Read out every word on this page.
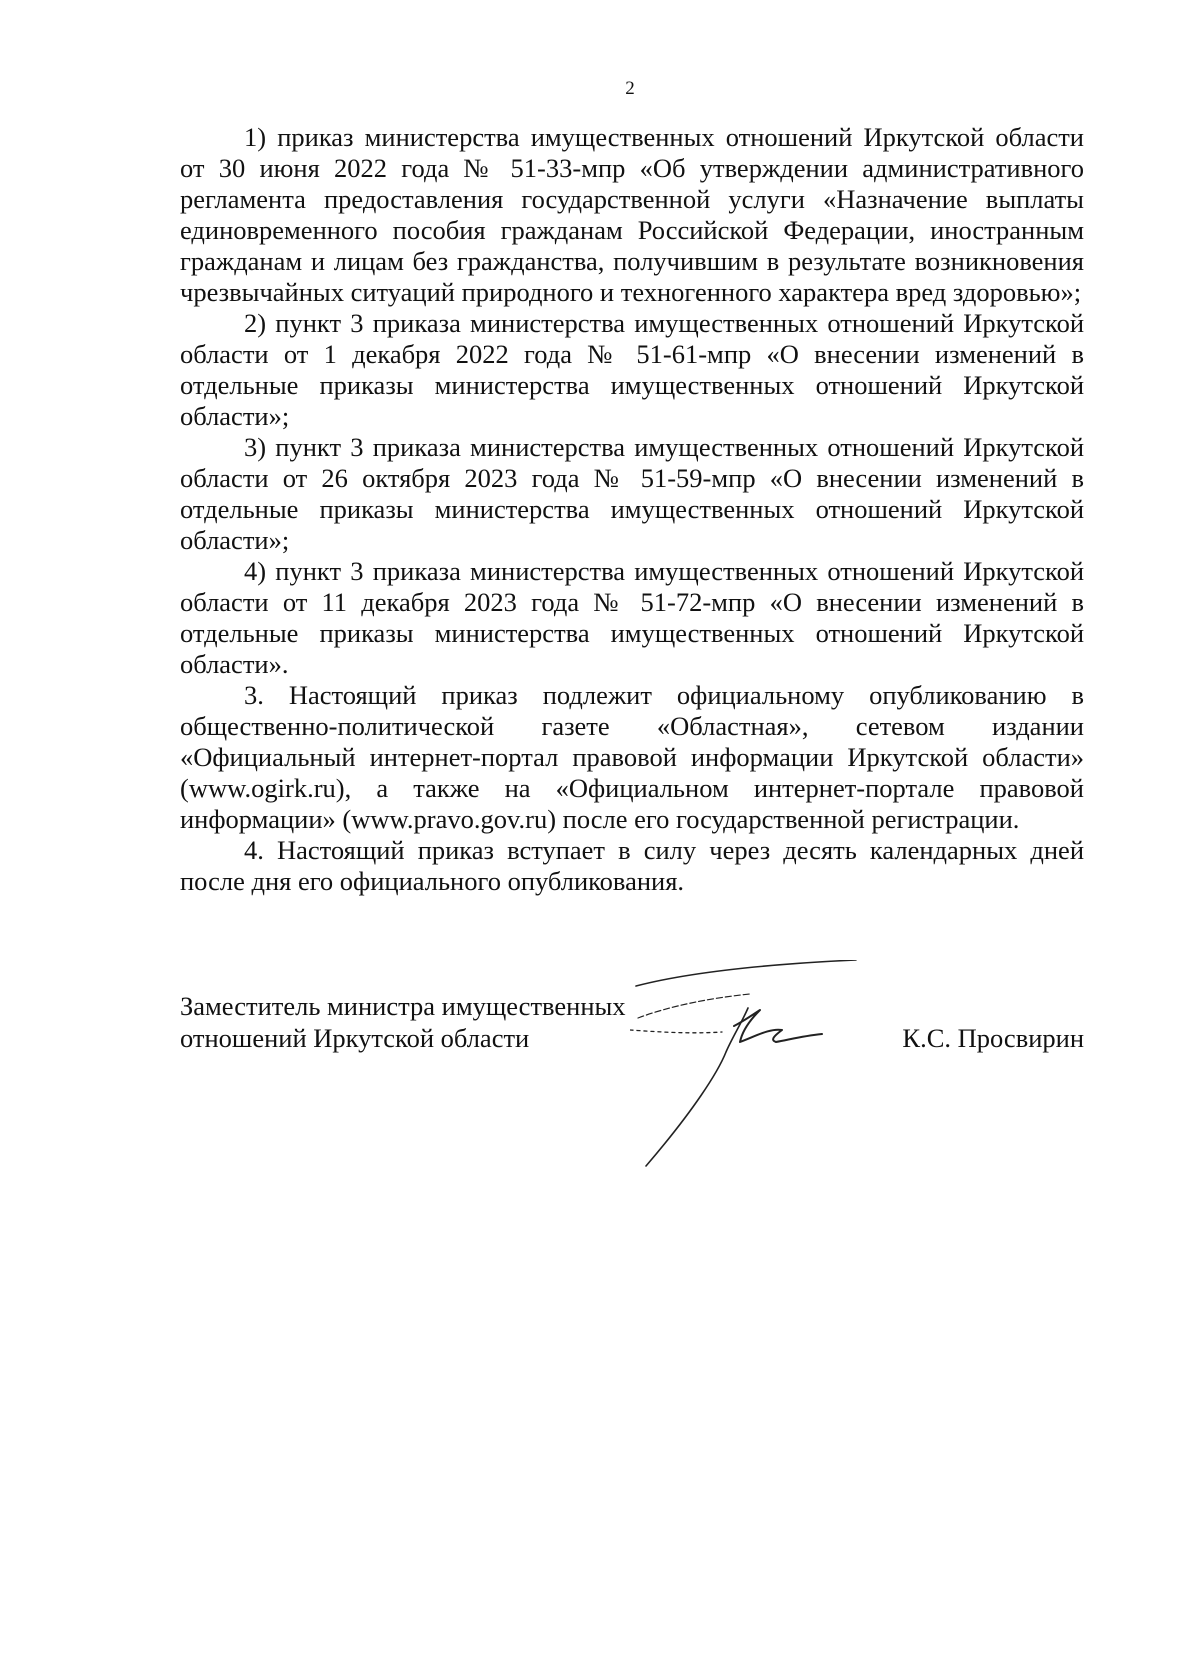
2

1) приказ министерства имущественных отношений Иркутской области от 30 июня 2022 года № 51-33-мпр «Об утверждении административного регламента предоставления государственной услуги «Назначение выплаты единовременного пособия гражданам Российской Федерации, иностранным гражданам и лицам без гражданства, получившим в результате возникновения чрезвычайных ситуаций природного и техногенного характера вред здоровью»;

2) пункт 3 приказа министерства имущественных отношений Иркутской области от 1 декабря 2022 года № 51-61-мпр «О внесении изменений в отдельные приказы министерства имущественных отношений Иркутской области»;

3) пункт 3 приказа министерства имущественных отношений Иркутской области от 26 октября 2023 года № 51-59-мпр «О внесении изменений в отдельные приказы министерства имущественных отношений Иркутской области»;

4) пункт 3 приказа министерства имущественных отношений Иркутской области от 11 декабря 2023 года № 51-72-мпр «О внесении изменений в отдельные приказы министерства имущественных отношений Иркутской области».

3. Настоящий приказ подлежит официальному опубликованию в общественно-политической газете «Областная», сетевом издании «Официальный интернет-портал правовой информации Иркутской области» (www.ogirk.ru), а также на «Официальном интернет-портале правовой информации» (www.pravo.gov.ru) после его государственной регистрации.

4. Настоящий приказ вступает в силу через десять календарных дней после дня его официального опубликования.

Заместитель министра имущественных
отношений Иркутской области	К.С. Просвирин
